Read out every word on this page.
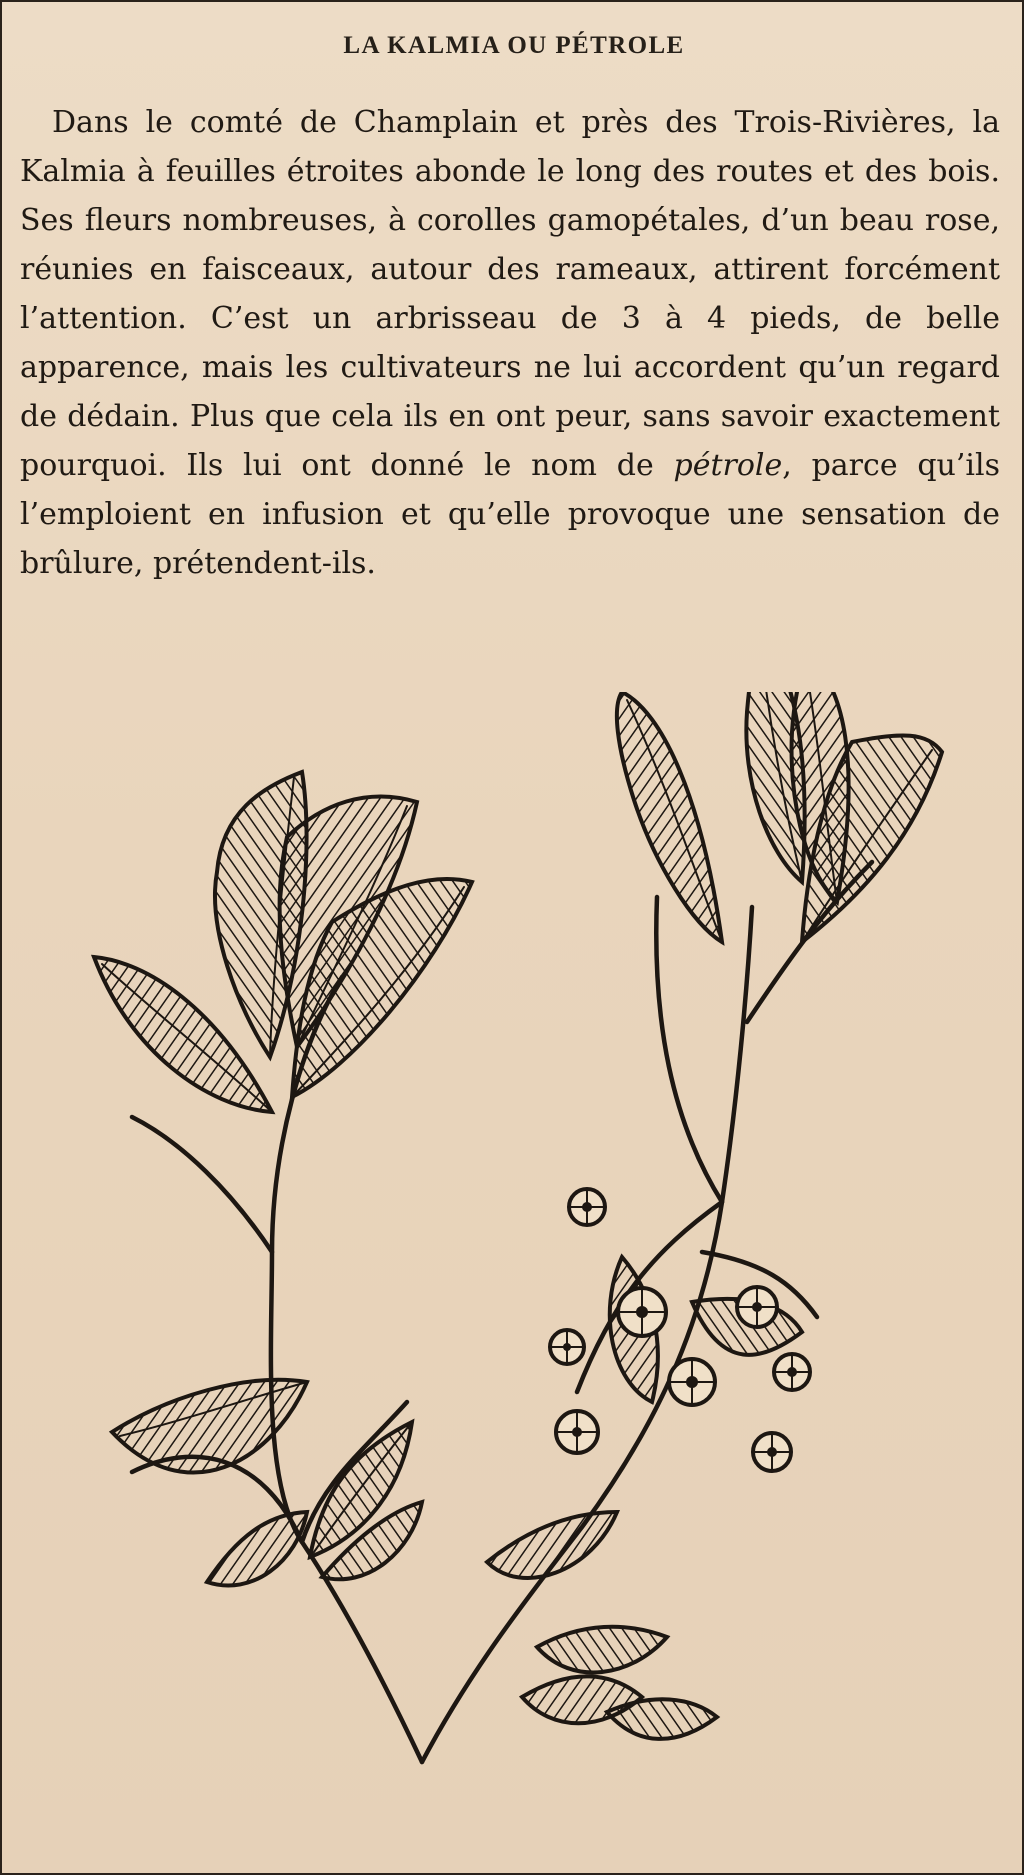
LA KALMIA OU PÉTROLE

Dans le comté de Champlain et près des Trois-Rivières, la Kalmia à feuilles étroites abonde le long des routes et des bois. Ses fleurs nombreuses, à corolles gamopétales, d’un beau rose, réunies en faisceaux, autour des rameaux, attirent forcément l’attention. C’est un arbrisseau de 3 à 4 pieds, de belle apparence, mais les cultivateurs ne lui accordent qu’un regard de dédain. Plus que cela ils en ont peur, sans savoir exactement pourquoi. Ils lui ont donné le nom de pétrole, parce qu’ils l’emploient en infusion et qu’elle provoque une sensation de brûlure, prétendent-ils.
